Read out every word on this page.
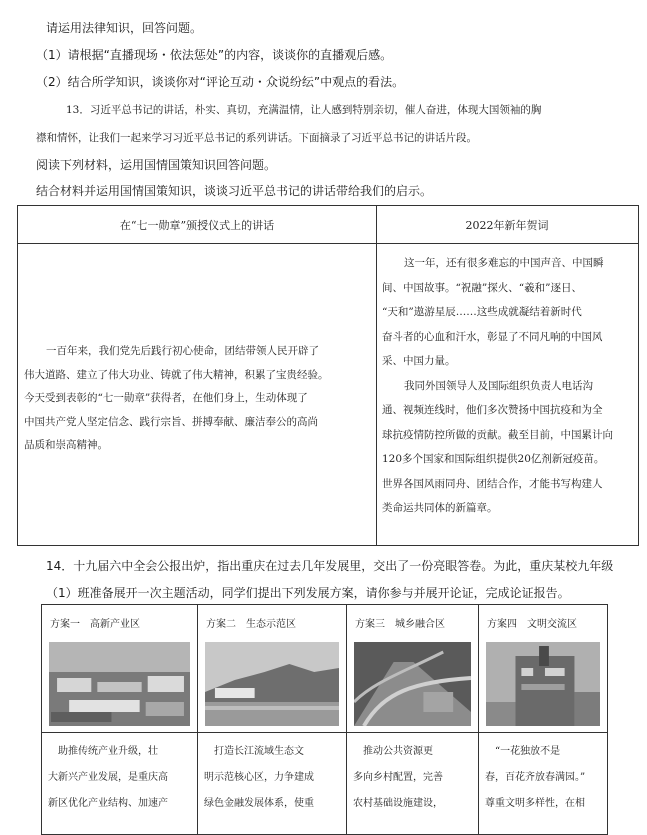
请运用法律知识，回答问题。
（1）请根据“直播现场・依法惩处”的内容，谈谈你的直播观后感。
（2）结合所学知识，谈谈你对“评论互动・众说纷纭”中观点的看法。
13．习近平总书记的讲话，朴实、真切，充满温情，让人感到特别亲切，催人奋进，体现大国领袖的胸
襟和情怀，让我们一起来学习习近平总书记的系列讲话。下面摘录了习近平总书记的讲话片段。
阅读下列材料，运用国情国策知识回答问题。
结合材料并运用国情国策知识，谈谈习近平总书记的讲话带给我们的启示。
在“七一勋章”颁授仪式上的讲话	2022年新年贺词
一百年来，我们党先后践行初心使命，团结带领人民开辟了
伟大道路、建立了伟大功业、铸就了伟大精神，积累了宝贵经验。
今天受到表彰的“七一勋章”获得者，在他们身上，生动体现了
中国共产党人坚定信念、践行宗旨、拼搏奉献、廉洁奉公的高尚
品质和崇高精神。
这一年，还有很多难忘的中国声音、中国瞬
间、中国故事。“祝融”探火、“羲和”逐日、
“天和”遨游星辰……这些成就凝结着新时代
奋斗者的心血和汗水，彰显了不同凡响的中国风
采、中国力量。
我同外国领导人及国际组织负责人电话沟
通、视频连线时，他们多次赞扬中国抗疫和为全
球抗疫情防控所做的贡献。截至目前，中国累计向
120多个国家和国际组织提供20亿剂新冠疫苗。
世界各国风雨同舟、团结合作，才能书写构建人
类命运共同体的新篇章。
14．十九届六中全会公报出炉，指出重庆在过去几年发展里，交出了一份亮眼答卷。为此，重庆某校九年级
（1）班准备展开一次主题活动，同学们提出下列发展方案，请你参与并展开论证，完成论证报告。
方案一　高新产业区
　助推传统产业升级，壮
大新兴产业发展，是重庆高
新区优化产业结构、加速产
方案二　生态示范区
　打造长江流域生态文
明示范核心区，力争建成
绿色金融发展体系，使重
方案三　城乡融合区
　推动公共资源更
多向乡村配置，完善
农村基础设施建设，
方案四　文明交流区
　“一花独放不是
春，百花齐放春满园。”
尊重文明多样性，在相
